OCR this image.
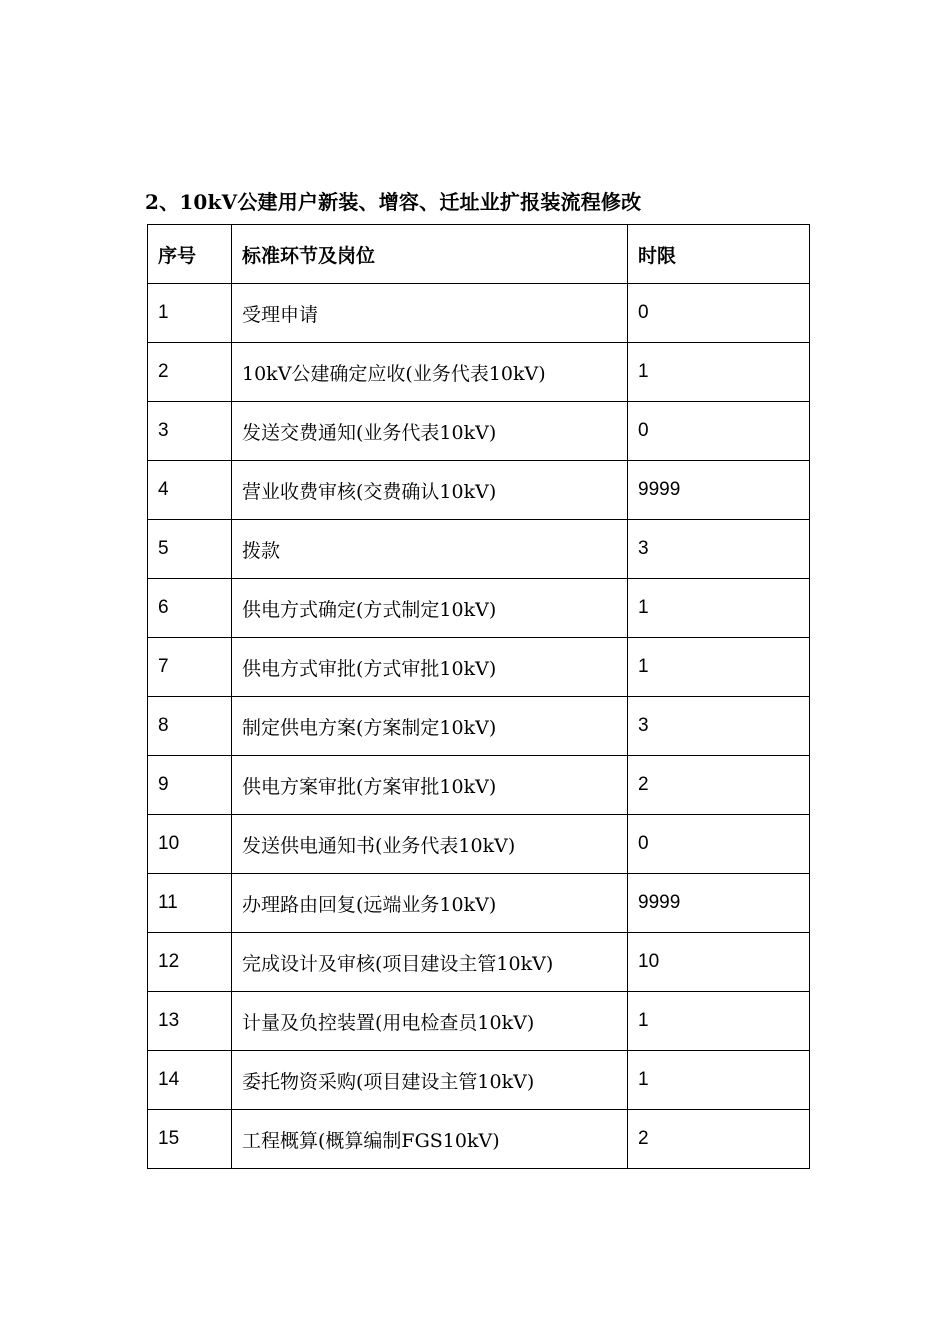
2、10kV公建用户新装、增容、迁址业扩报装流程修改
序号	标准环节及岗位	时限
1	受理申请	0
2	10kV公建确定应收(业务代表10kV)	1
3	发送交费通知(业务代表10kV)	0
4	营业收费审核(交费确认10kV)	9999
5	拨款	3
6	供电方式确定(方式制定10kV)	1
7	供电方式审批(方式审批10kV)	1
8	制定供电方案(方案制定10kV)	3
9	供电方案审批(方案审批10kV)	2
10	发送供电通知书(业务代表10kV)	0
11	办理路由回复(远端业务10kV)	9999
12	完成设计及审核(项目建设主管10kV)	10
13	计量及负控装置(用电检查员10kV)	1
14	委托物资采购(项目建设主管10kV)	1
15	工程概算(概算编制FGS10kV)	2
